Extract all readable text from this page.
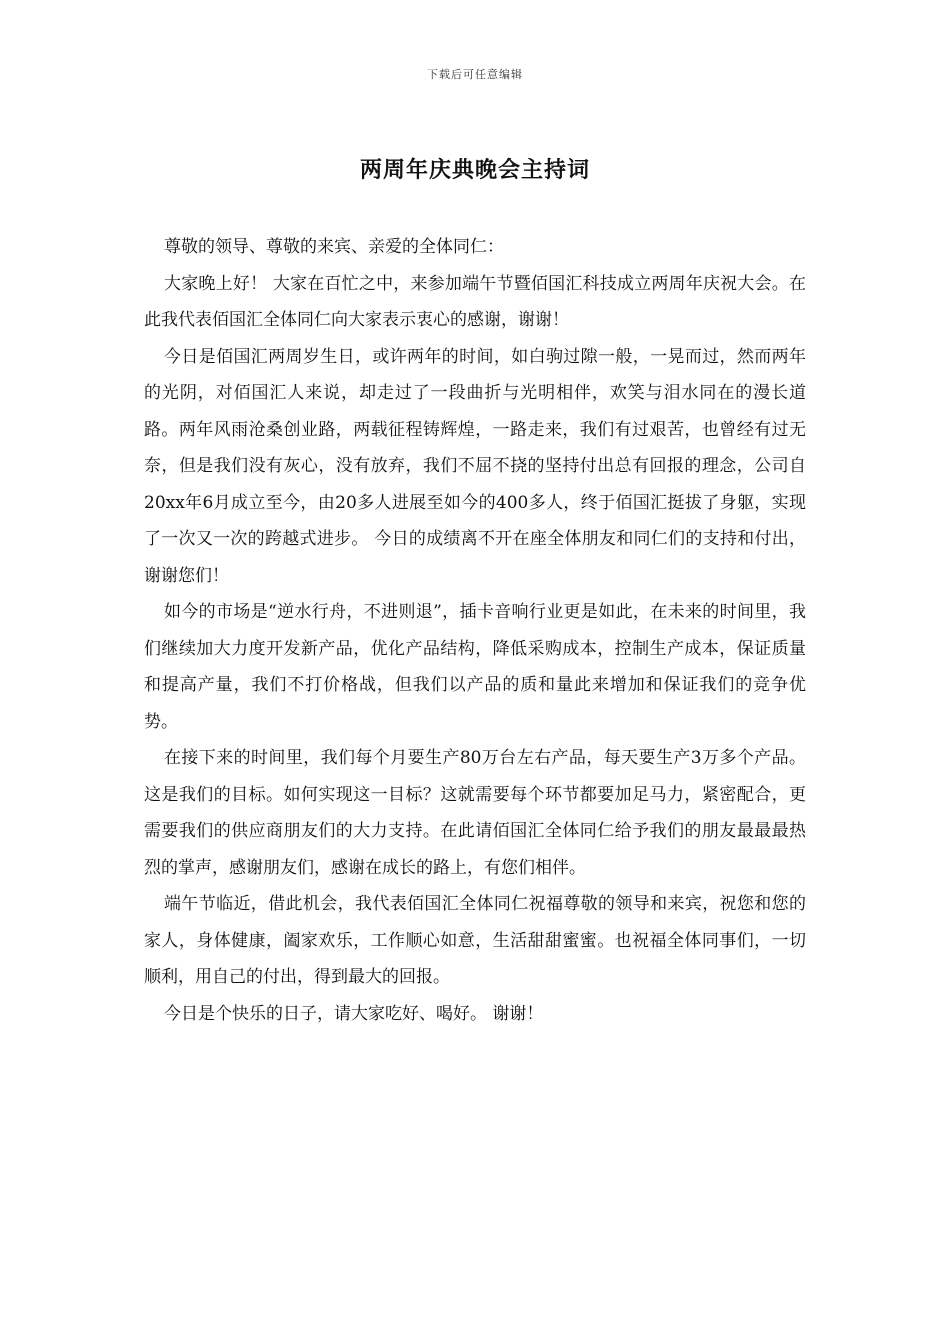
下载后可任意编辑
两周年庆典晚会主持词

尊敬的领导、尊敬的来宾、亲爱的全体同仁：

大家晚上好！ 大家在百忙之中，来参加端午节暨佰国汇科技成立两周年庆祝大会。在此我代表佰国汇全体同仁向大家表示衷心的感谢，谢谢！

今日是佰国汇两周岁生日，或许两年的时间，如白驹过隙一般，一晃而过，然而两年的光阴，对佰国汇人来说，却走过了一段曲折与光明相伴，欢笑与泪水同在的漫长道路。两年风雨沧桑创业路，两载征程铸辉煌，一路走来，我们有过艰苦，也曾经有过无奈，但是我们没有灰心，没有放弃，我们不屈不挠的坚持付出总有回报的理念，公司自20xx年6月成立至今，由20多人进展至如今的400多人，终于佰国汇挺拔了身躯，实现了一次又一次的跨越式进步。 今日的成绩离不开在座全体朋友和同仁们的支持和付出，谢谢您们！

如今的市场是“逆水行舟，不进则退”，插卡音响行业更是如此，在未来的时间里，我们继续加大力度开发新产品，优化产品结构，降低采购成本，控制生产成本，保证质量和提高产量，我们不打价格战，但我们以产品的质和量此来增加和保证我们的竞争优势。

在接下来的时间里，我们每个月要生产80万台左右产品，每天要生产3万多个产品。这是我们的目标。如何实现这一目标？这就需要每个环节都要加足马力，紧密配合，更需要我们的供应商朋友们的大力支持。在此请佰国汇全体同仁给予我们的朋友最最最热烈的掌声，感谢朋友们，感谢在成长的路上，有您们相伴。

端午节临近，借此机会，我代表佰国汇全体同仁祝福尊敬的领导和来宾，祝您和您的家人，身体健康，阖家欢乐，工作顺心如意，生活甜甜蜜蜜。也祝福全体同事们，一切顺利，用自己的付出，得到最大的回报。

今日是个快乐的日子，请大家吃好、喝好。 谢谢！
